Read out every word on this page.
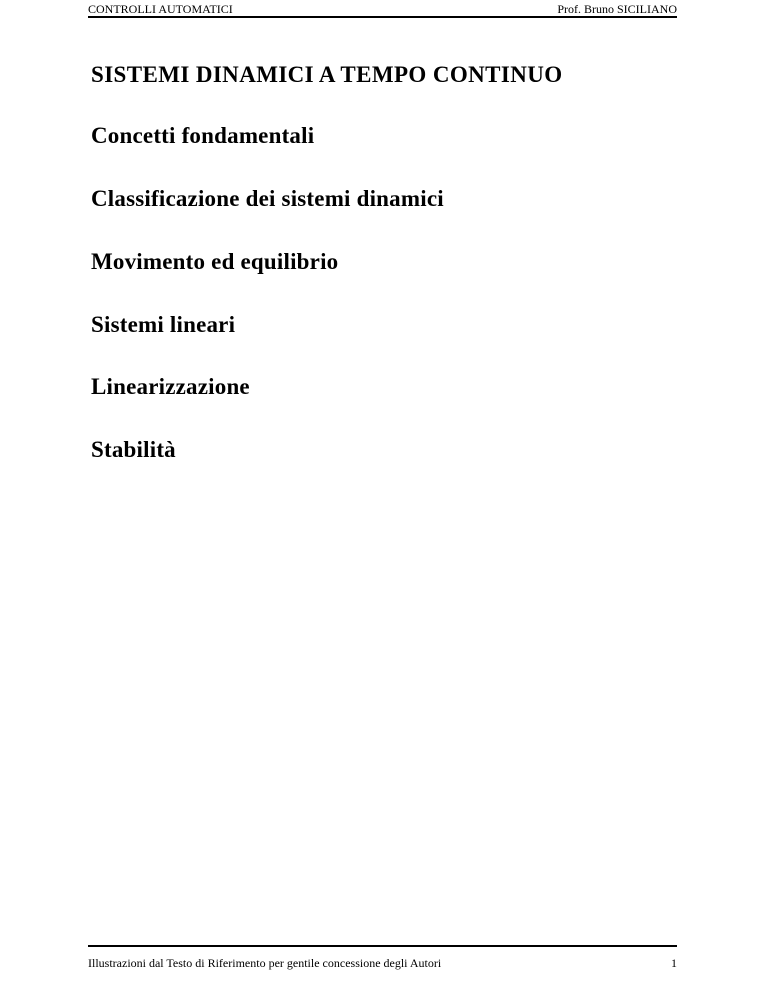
CONTROLLI AUTOMATICI	Prof. Bruno SICILIANO
SISTEMI DINAMICI A TEMPO CONTINUO
Concetti fondamentali
Classificazione dei sistemi dinamici
Movimento ed equilibrio
Sistemi lineari
Linearizzazione
Stabilità
Illustrazioni dal Testo di Riferimento per gentile concessione degli Autori	1
